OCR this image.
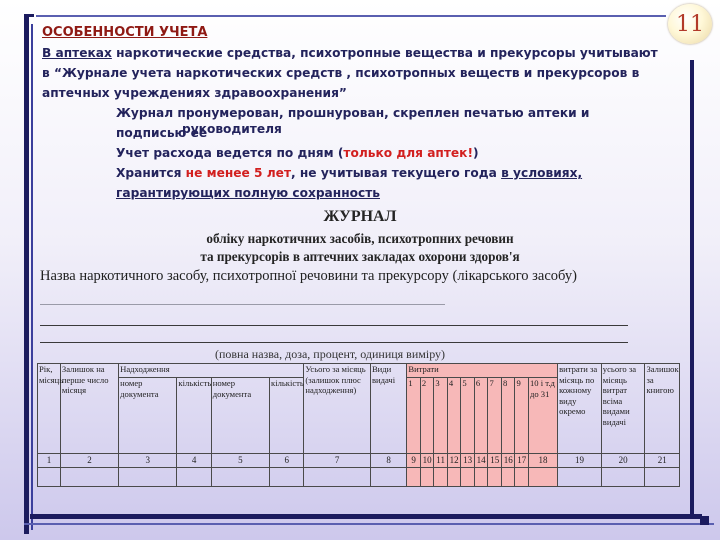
11

ОСОБЕННОСТИ УЧЕТА

В аптеках наркотические средства, психотропные вещества и прекурсоры учитывают в “Журнале учета наркотических средств , психотропных веществ и прекурсоров в аптечных учреждениях здравоохранения”

Журнал пронумерован, прошнурован, скреплен печатью аптеки и подписью ее

Учет расхода ведется по дням (только для аптек!)

Хранится не менее 5 лет, не учитывая текущего года в условиях,
гарантирующих полную сохранность

руководителя
ЖУРНАЛ
обліку наркотичних засобів, психотропних речовин
та прекурсорів в аптечних закладах охорони здоров'я
Назва наркотичного засобу, психотропної речовини та прекурсору (лікарського засобу)
(повна назва, доза, процент, одиниця виміру)
Рік, місяць	Залишок на перше число місяця	Надходження				Усього за місяць (залишок плюс надходження)	Види видачі	Витрати										витрати за місяць по кожному виду окремо	усього за місяць витрат всіма видами видачі	Залишок за книгою
		номер документа	кількість	номер документа	кількість			1	2	3	4	5	6	7	8	9	10 і т.д до 31			
1	2	3	4	5	6	7	8	9	10	11	12	13	14	15	16	17	18	19	20	21
